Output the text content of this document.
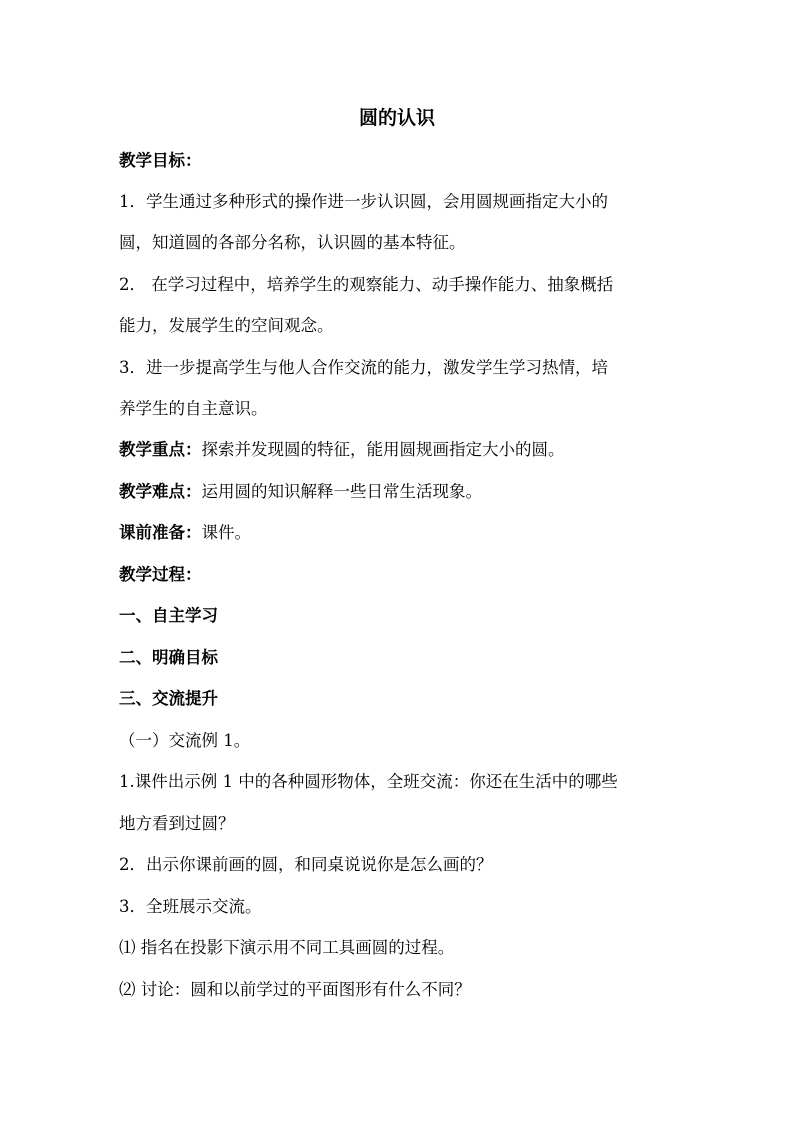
圆的认识
教学目标：
1．学生通过多种形式的操作进一步认识圆，会用圆规画指定大小的
圆，知道圆的各部分名称，认识圆的基本特征。
2． 在学习过程中，培养学生的观察能力、动手操作能力、抽象概括
能力，发展学生的空间观念。
3．进一步提高学生与他人合作交流的能力，激发学生学习热情，培
养学生的自主意识。
教学重点：探索并发现圆的特征，能用圆规画指定大小的圆。
教学难点：运用圆的知识解释一些日常生活现象。
课前准备：课件。
教学过程：
一、自主学习
二、明确目标
三、交流提升
（一）交流例 1。
1.课件出示例 1 中的各种圆形物体，全班交流：你还在生活中的哪些
地方看到过圆？
2．出示你课前画的圆，和同桌说说你是怎么画的？
3．全班展示交流。
⑴ 指名在投影下演示用不同工具画圆的过程。
⑵ 讨论：圆和以前学过的平面图形有什么不同？
